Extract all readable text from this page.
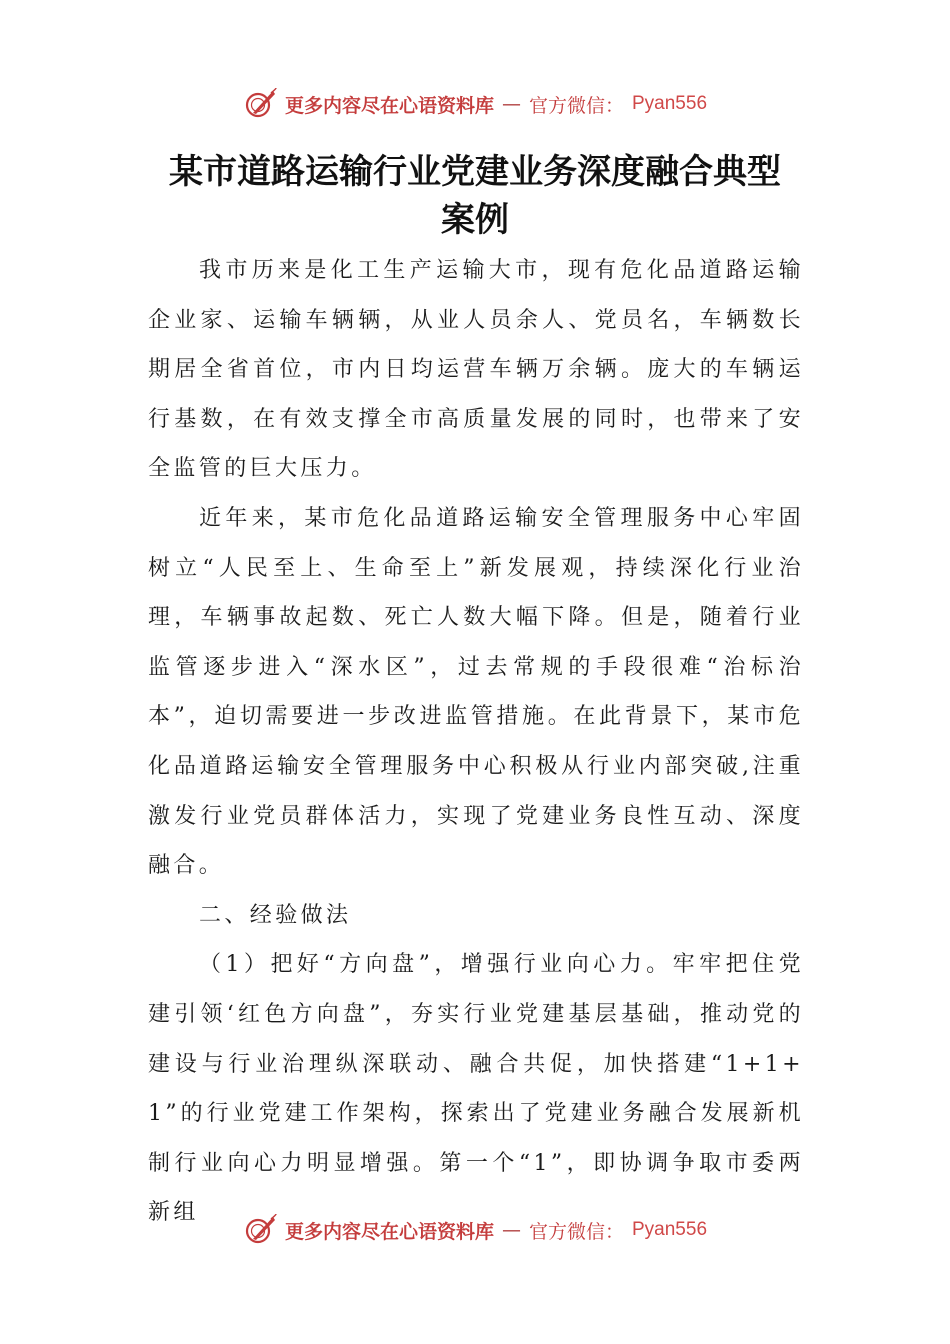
更多内容尽在心语资料库 — 官方微信： Pyan556
某市道路运输行业党建业务深度融合典型
案例

我市历来是化工生产运输大市，现有危化品道路运输企业家、运输车辆辆，从业人员余人、党员名，车辆数长期居全省首位，市内日均运营车辆万余辆。庞大的车辆运行基数，在有效支撑全市高质量发展的同时，也带来了安全监管的巨大压力。

近年来，某市危化品道路运输安全管理服务中心牢固树立“人民至上、生命至上”新发展观，持续深化行业治理，车辆事故起数、死亡人数大幅下降。但是，随着行业监管逐步进入“深水区”，过去常规的手段很难“治标治本”，迫切需要进一步改进监管措施。在此背景下，某市危化品道路运输安全管理服务中心积极从行业内部突破,注重激发行业党员群体活力，实现了党建业务良性互动、深度融合。

二、经验做法

（1）把好“方向盘”，增强行业向心力。牢牢把住党建引领‘红色方向盘”，夯实行业党建基层基础，推动党的建设与行业治理纵深联动、融合共促，加快搭建“1+1+1”的行业党建工作架构，探索出了党建业务融合发展新机制行业向心力明显增强。第一个“1”，即协调争取市委两新组

更多内容尽在心语资料库 — 官方微信： Pyan556
